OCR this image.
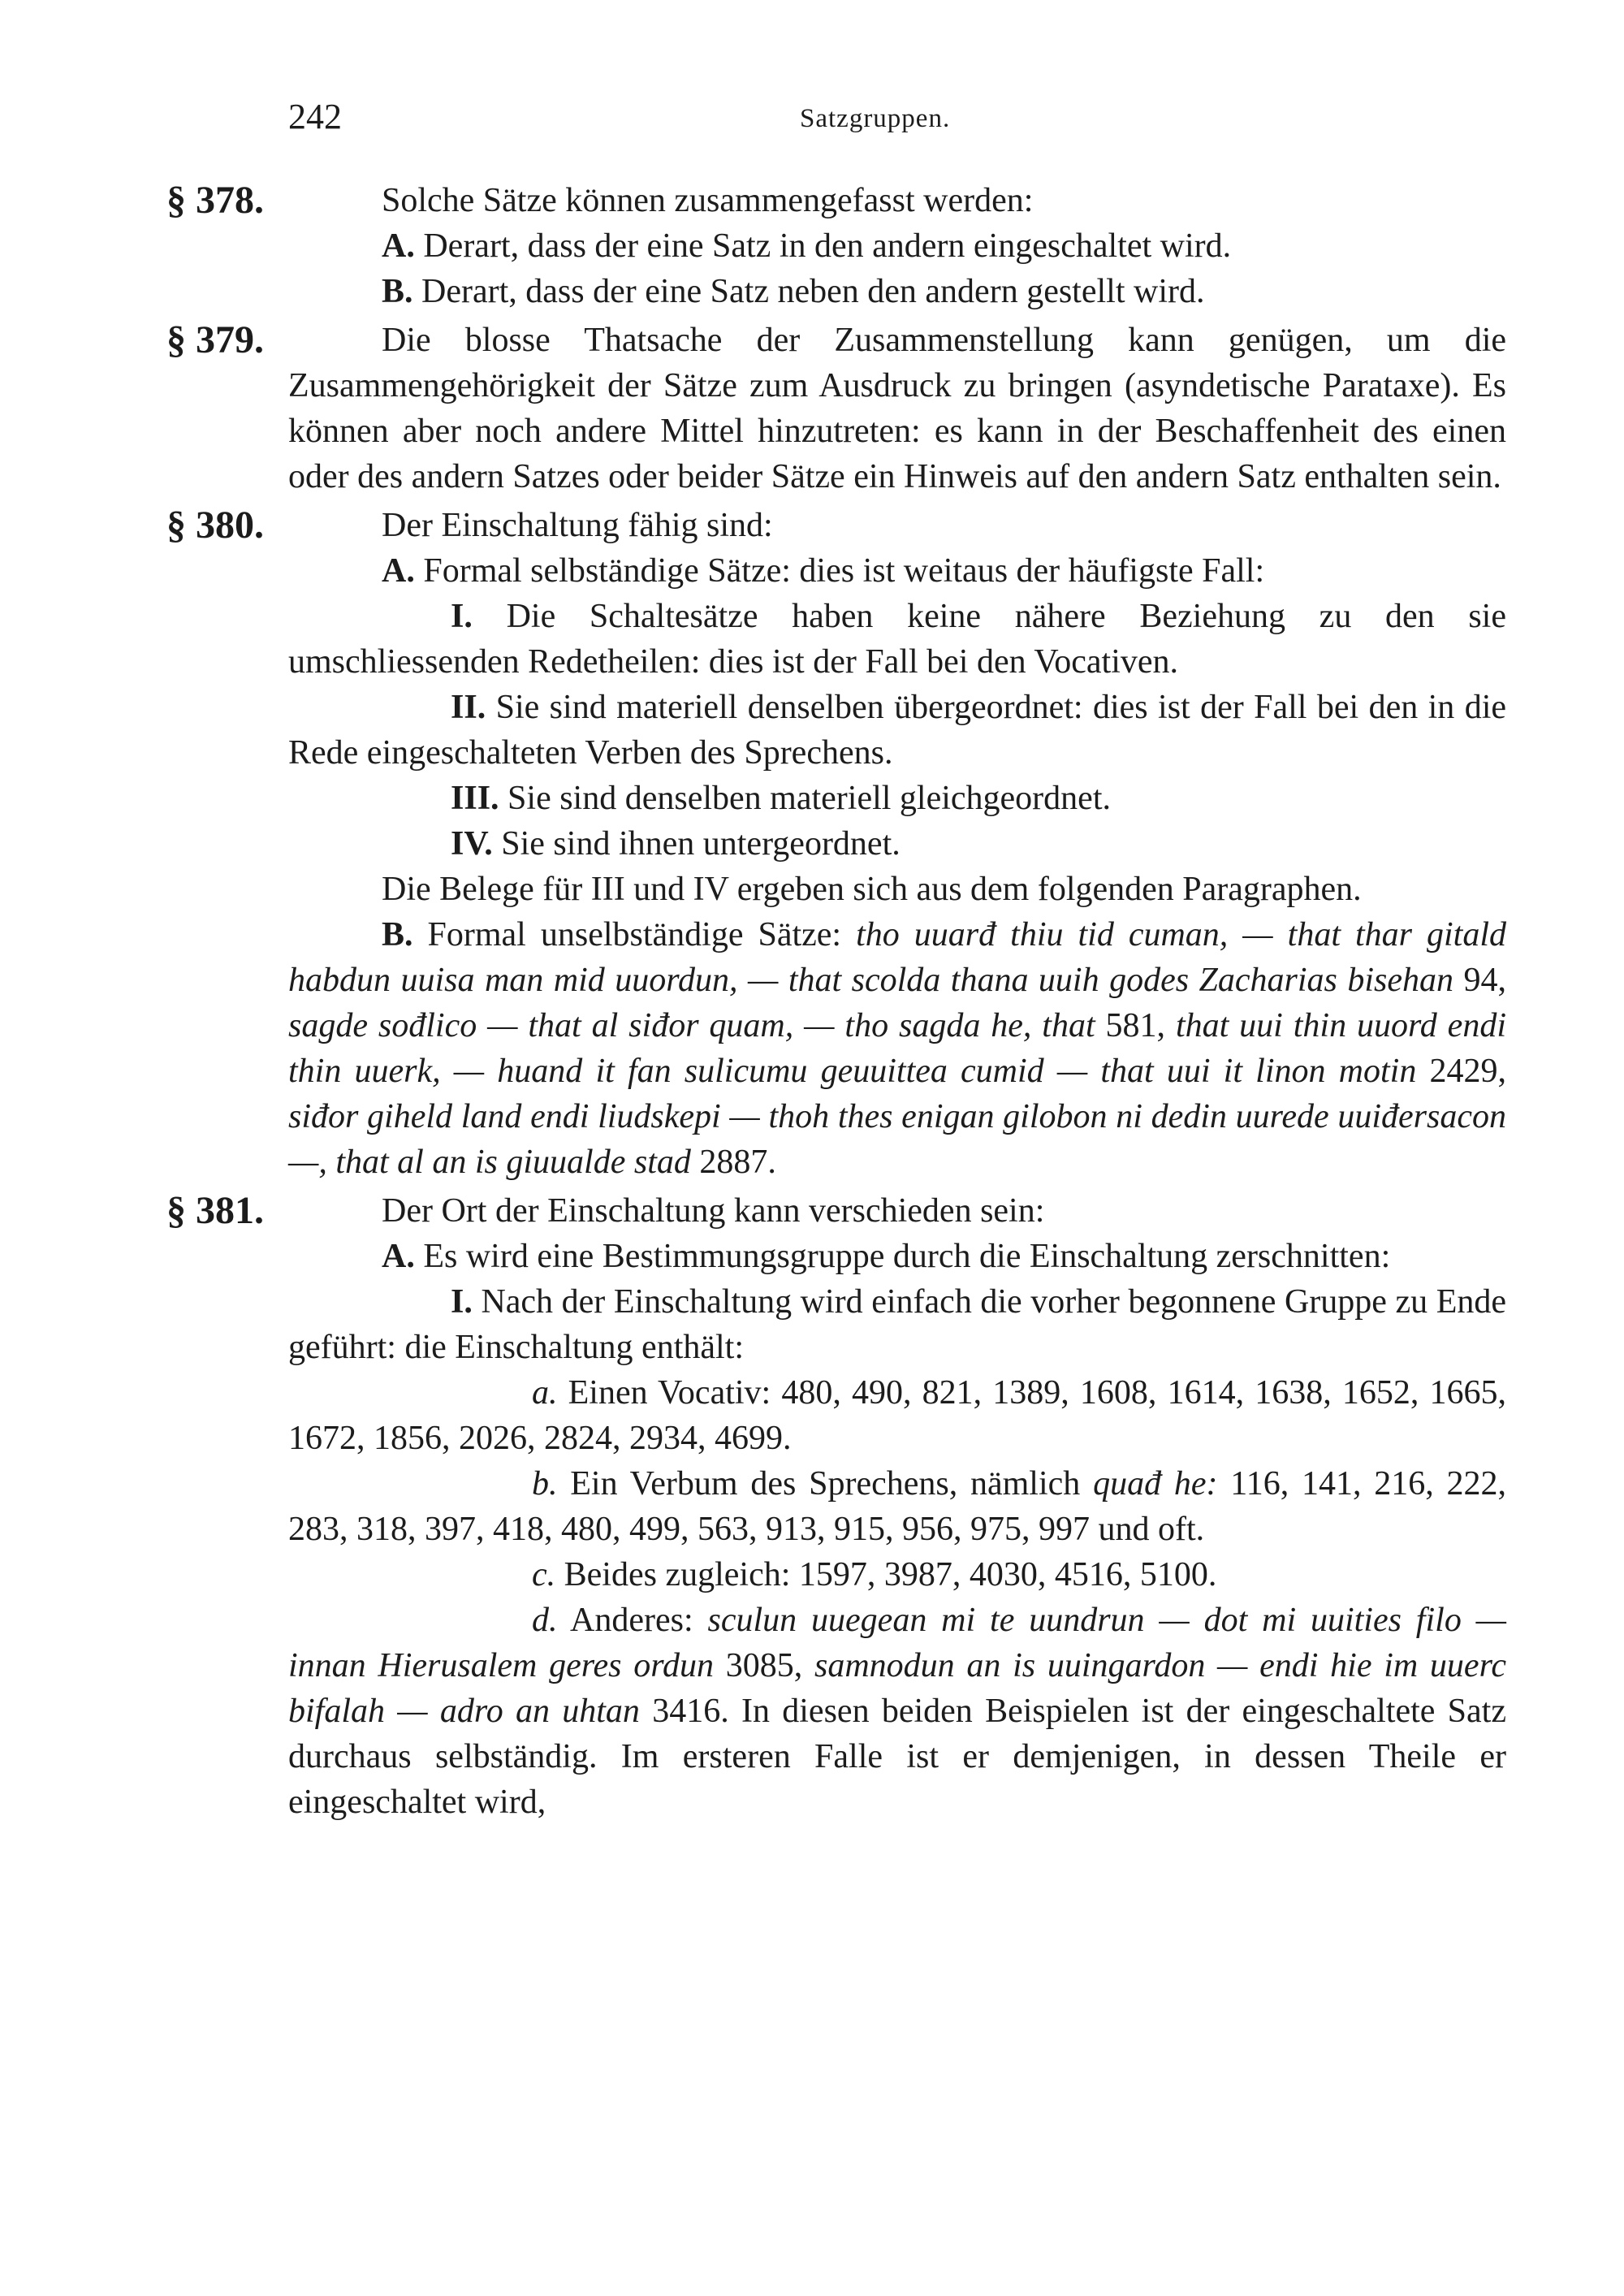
242	Satzgruppen.
§ 378.	Solche Sätze können zusammengefasst werden:
A. Derart, dass der eine Satz in den andern eingeschaltet wird.
B. Derart, dass der eine Satz neben den andern gestellt wird.
§ 379.	Die blosse Thatsache der Zusammenstellung kann genügen, um die Zusammengehörigkeit der Sätze zum Ausdruck zu bringen (asyndetische Parataxe). Es können aber noch andere Mittel hinzutreten: es kann in der Beschaffenheit des einen oder des andern Satzes oder beider Sätze ein Hinweis auf den andern Satz enthalten sein.
§ 380.	Der Einschaltung fähig sind:
A. Formal selbständige Sätze: dies ist weitaus der häufigste Fall:
I. Die Schaltesätze haben keine nähere Beziehung zu den sie umschliessenden Redetheilen: dies ist der Fall bei den Vocativen.
II. Sie sind materiell denselben übergeordnet: dies ist der Fall bei den in die Rede eingeschalteten Verben des Sprechens.
III. Sie sind denselben materiell gleichgeordnet.
IV. Sie sind ihnen untergeordnet.
Die Belege für III und IV ergeben sich aus dem folgenden Paragraphen.
B. Formal unselbständige Sätze: tho uuarđ thiu tid cuman, — that thar gitald habdun uuisa man mid uuordun, — that scolda thana uuih godes Zacharias bisehan 94, sagde sođlico — that al siđor quam, — tho sagda he, that 581, that uui thin uuord endi thin uuerk, — huand it fan sulicumu geuuittea cumid — that uui it linon motin 2429, siđor giheld land endi liudskepi — thoh thes enigan gilobon ni dedin uurede uuiđersacon —, that al an is giuualde stad 2887.
§ 381.	Der Ort der Einschaltung kann verschieden sein:
A. Es wird eine Bestimmungsgruppe durch die Einschaltung zerschnitten:
I. Nach der Einschaltung wird einfach die vorher begonnene Gruppe zu Ende geführt: die Einschaltung enthält:
a. Einen Vocativ: 480, 490, 821, 1389, 1608, 1614, 1638, 1652, 1665, 1672, 1856, 2026, 2824, 2934, 4699.
b. Ein Verbum des Sprechens, nämlich quađ he: 116, 141, 216, 222, 283, 318, 397, 418, 480, 499, 563, 913, 915, 956, 975, 997 und oft.
c. Beides zugleich: 1597, 3987, 4030, 4516, 5100.
d. Anderes: sculun uuegean mi te uundrun — dot mi uuities filo — innan Hierusalem geres ordun 3085, samnodun an is uuingardon — endi hie im uuerc bifalah — adro an uhtan 3416. In diesen beiden Beispielen ist der eingeschaltete Satz durchaus selbständig. Im ersteren Falle ist er demjenigen, in dessen Theile er eingeschaltet wird,
